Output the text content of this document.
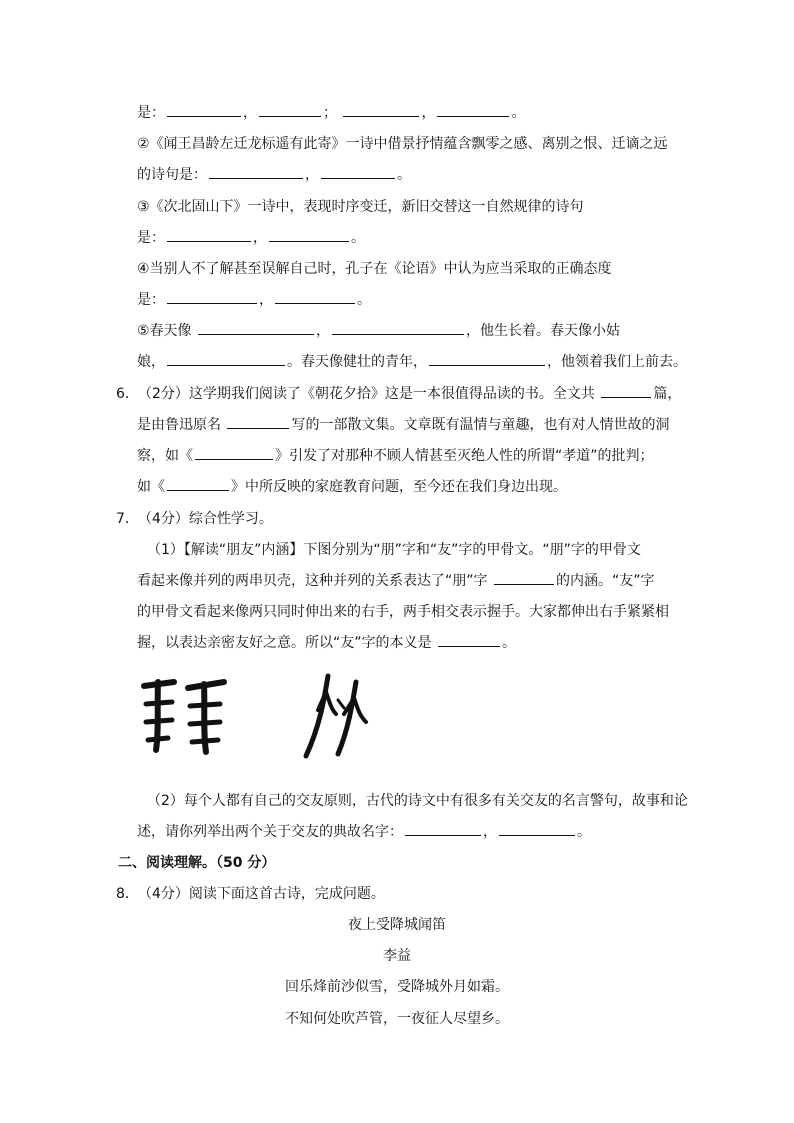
是：	，	；	，	。
②《闻王昌龄左迁龙标遥有此寄》一诗中借景抒情蕴含飘零之感、离别之恨、迁谪之远
的诗句是：	，	。
③《次北固山下》一诗中，表现时序变迁，新旧交替这一自然规律的诗句
是：	，	。
④当别人不了解甚至误解自己时，孔子在《论语》中认为应当采取的正确态度
是：	，	。
⑤春天像	，	，他生长着。春天像小姑
娘，	。春天像健壮的青年，	，他领着我们上前去。
6． （2分）这学期我们阅读了《朝花夕拾》这是一本很值得品读的书。全文共	篇，
是由鲁迅原名	写的一部散文集。文章既有温情与童趣，也有对人情世故的洞
察，如《	》引发了对那种不顾人情甚至灭绝人性的所谓“孝道”的批判；
如《	》中所反映的家庭教育问题，至今还在我们身边出现。
7． （4分）综合性学习。
（1）【解读“朋友”内涵】下图分别为“朋”字和“友”字的甲骨文。“朋”字的甲骨文
看起来像并列的两串贝壳，这种并列的关系表达了“朋”字	的内涵。“友”字
的甲骨文看起来像两只同时伸出来的右手，两手相交表示握手。大家都伸出右手紧紧相
握，以表达亲密友好之意。所以“友”字的本义是	。
（2）每个人都有自己的交友原则，古代的诗文中有很多有关交友的名言警句，故事和论
述，请你列举出两个关于交友的典故名字：	，	。
二、阅读理解。（50 分）
8． （4分）阅读下面这首古诗，完成问题。
夜上受降城闻笛
李益
回乐烽前沙似雪，受降城外月如霜。
不知何处吹芦管，一夜征人尽望乡。
